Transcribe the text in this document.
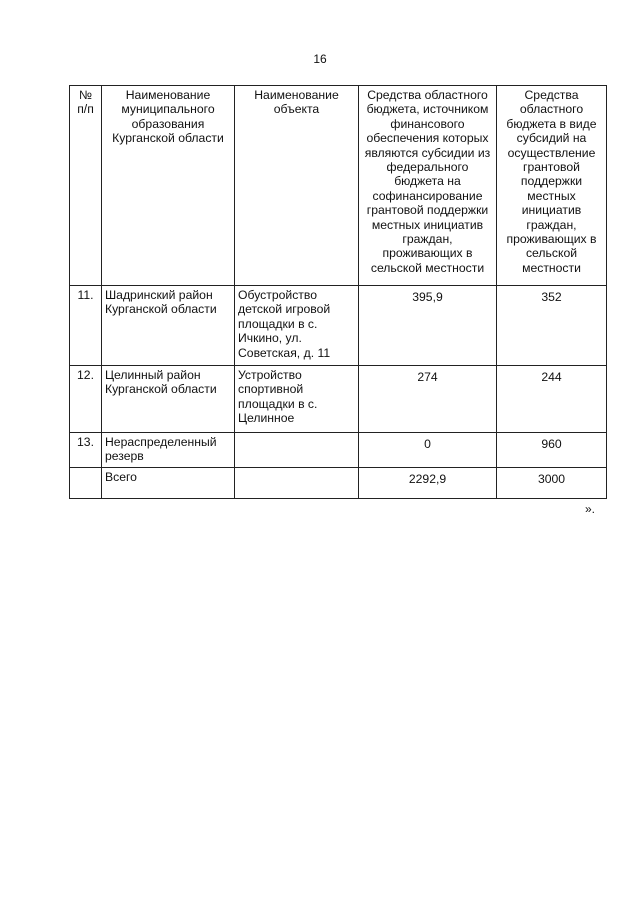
16
№ п/п	Наименование муниципального образования Курганской области	Наименование объекта	Средства областного бюджета, источником финансового обеспечения которых являются субсидии из федерального бюджета на софинансирование грантовой поддержки местных инициатив граждан, проживающих в сельской местности	Средства областного бюджета в виде субсидий на осуществление грантовой поддержки местных инициатив граждан, проживающих в сельской местности
11.	Шадринский район Курганской области	Обустройство детской игровой площадки в с. Ичкино, ул. Советская, д. 11	395,9	352
12.	Целинный район Курганской области	Устройство спортивной площадки в с. Целинное	274	244
13.	Нераспределенный резерв		0	960
	Всего		2292,9	3000
».
